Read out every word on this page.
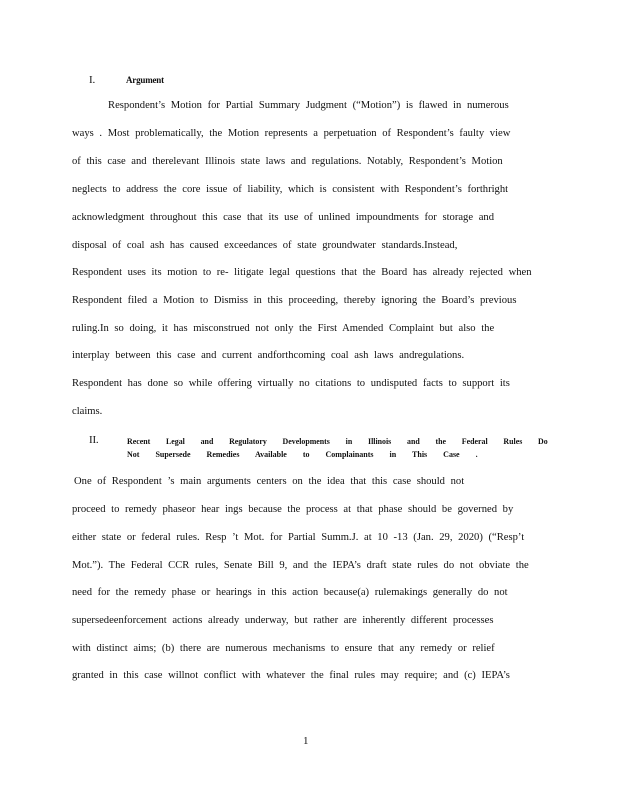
I.	Argument
Respondent’s Motion for Partial Summary Judgment (“Motion”) is flawed in numerous
ways . Most problematically, the Motion represents a perpetuation of Respondent’s faulty view
of this case and therelevant Illinois state laws and regulations. Notably, Respondent’s Motion
neglects to address the core issue of liability, which is consistent with Respondent’s forthright
acknowledgment throughout this case that its use of unlined impoundments for storage and
disposal of coal ash has caused exceedances of state groundwater standards.Instead,
Respondent uses its motion to re- litigate legal questions that the Board has already rejected when
Respondent filed a Motion to Dismiss in this proceeding, thereby ignoring the Board’s previous
ruling.In so doing, it has misconstrued not only the First Amended Complaint but also the
interplay between this case and current andforthcoming coal ash laws andregulations.
Respondent has done so while offering virtually no citations to undisputed facts to support its
claims.
II.	Recent Legal and Regulatory Developments in Illinois and the Federal Rules Do
Not Supersede Remedies Available to Complainants in This Case .
One of Respondent ’s main arguments centers on the idea that this case should not
proceed to remedy phaseor hear ings because the process at that phase should be governed by
either state or federal rules. Resp ’t Mot. for Partial Summ.J. at 10 -13 (Jan. 29, 2020) (“Resp’t
Mot.”). The Federal CCR rules, Senate Bill 9, and the IEPA’s draft state rules do not obviate the
need for the remedy phase or hearings in this action because(a) rulemakings generally do not
supersedeenforcement actions already underway, but rather are inherently different processes
with distinct aims; (b) there are numerous mechanisms to ensure that any remedy or relief
granted in this case willnot conflict with whatever the final rules may require; and (c) IEPA’s
1
